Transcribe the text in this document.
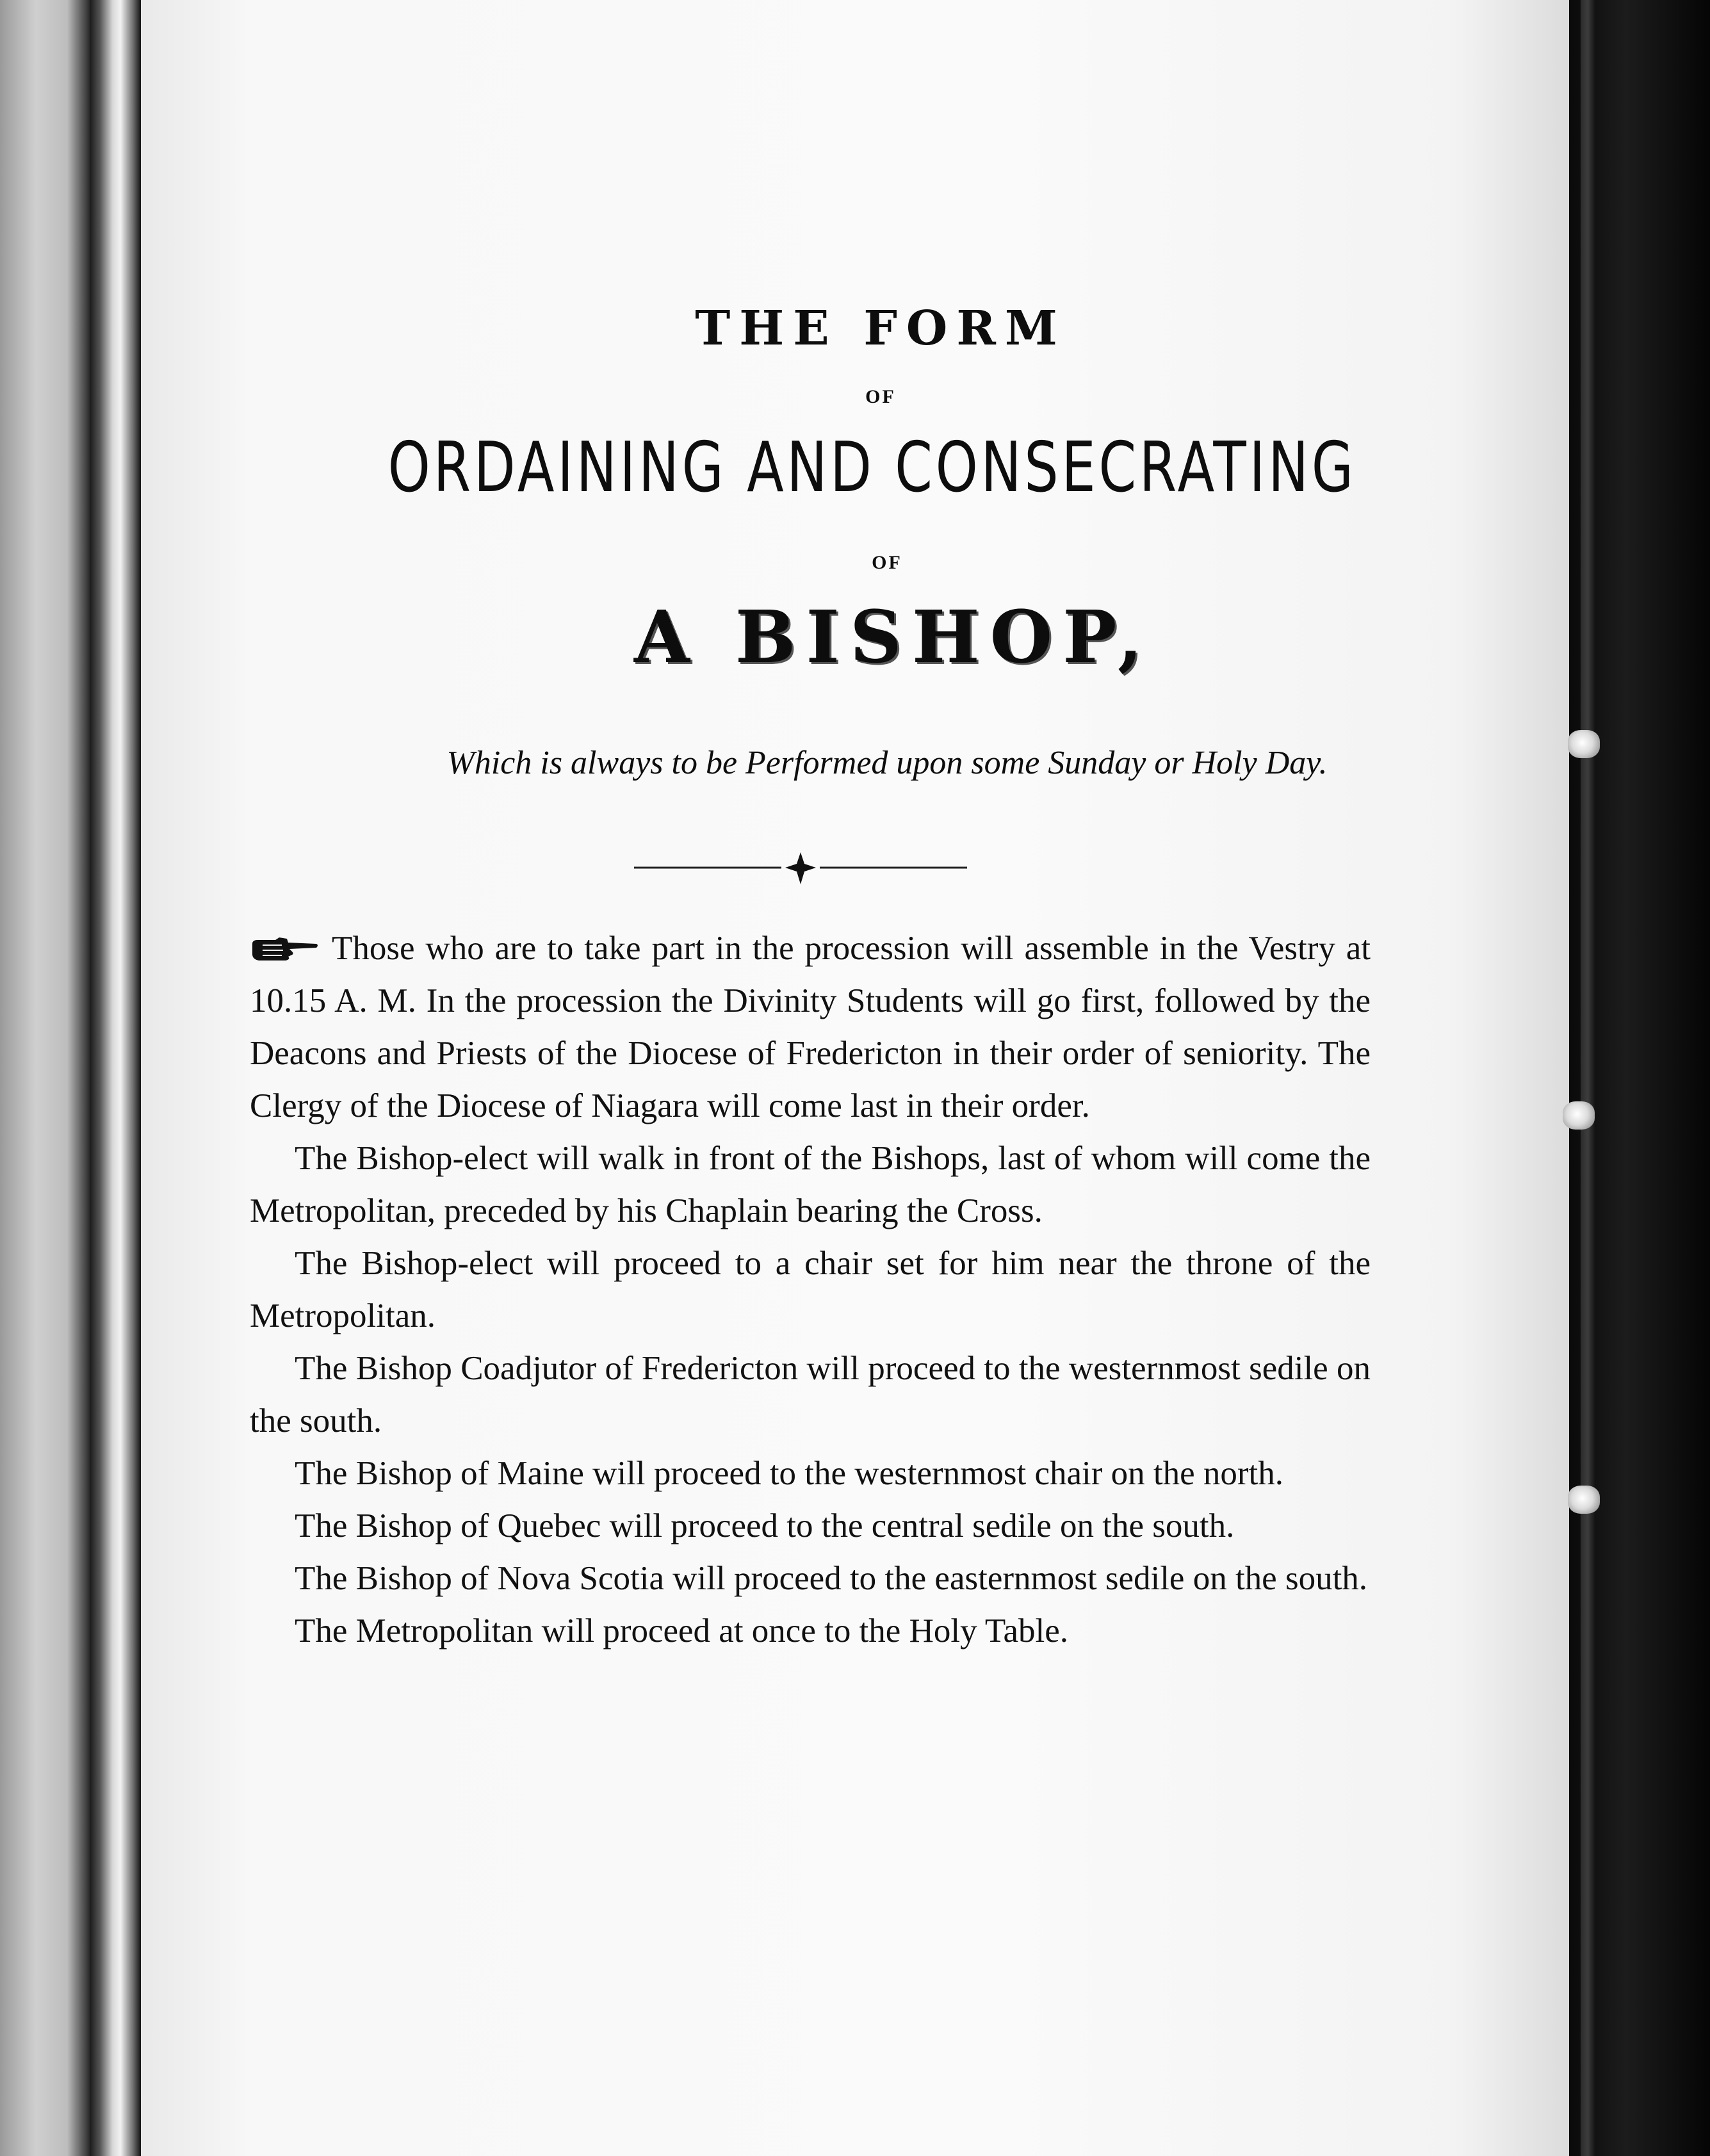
THE FORM
OF
ORDAINING AND CONSECRATING
OF
A BISHOP,
Which is always to be Performed upon some Sunday or Holy Day.

Those who are to take part in the procession will assemble in the Vestry at 10.15 A. M. In the procession the Divinity Students will go first, followed by the Deacons and Priests of the Diocese of Fredericton in their order of seniority. The Clergy of the Diocese of Niagara will come last in their order.

The Bishop-elect will walk in front of the Bishops, last of whom will come the Metropolitan, preceded by his Chaplain bearing the Cross.

The Bishop-elect will proceed to a chair set for him near the throne of the Metropolitan.

The Bishop Coadjutor of Fredericton will proceed to the westernmost sedile on the south.

The Bishop of Maine will proceed to the westernmost chair on the north.

The Bishop of Quebec will proceed to the central sedile on the south.

The Bishop of Nova Scotia will proceed to the easternmost sedile on the south.

The Metropolitan will proceed at once to the Holy Table.
